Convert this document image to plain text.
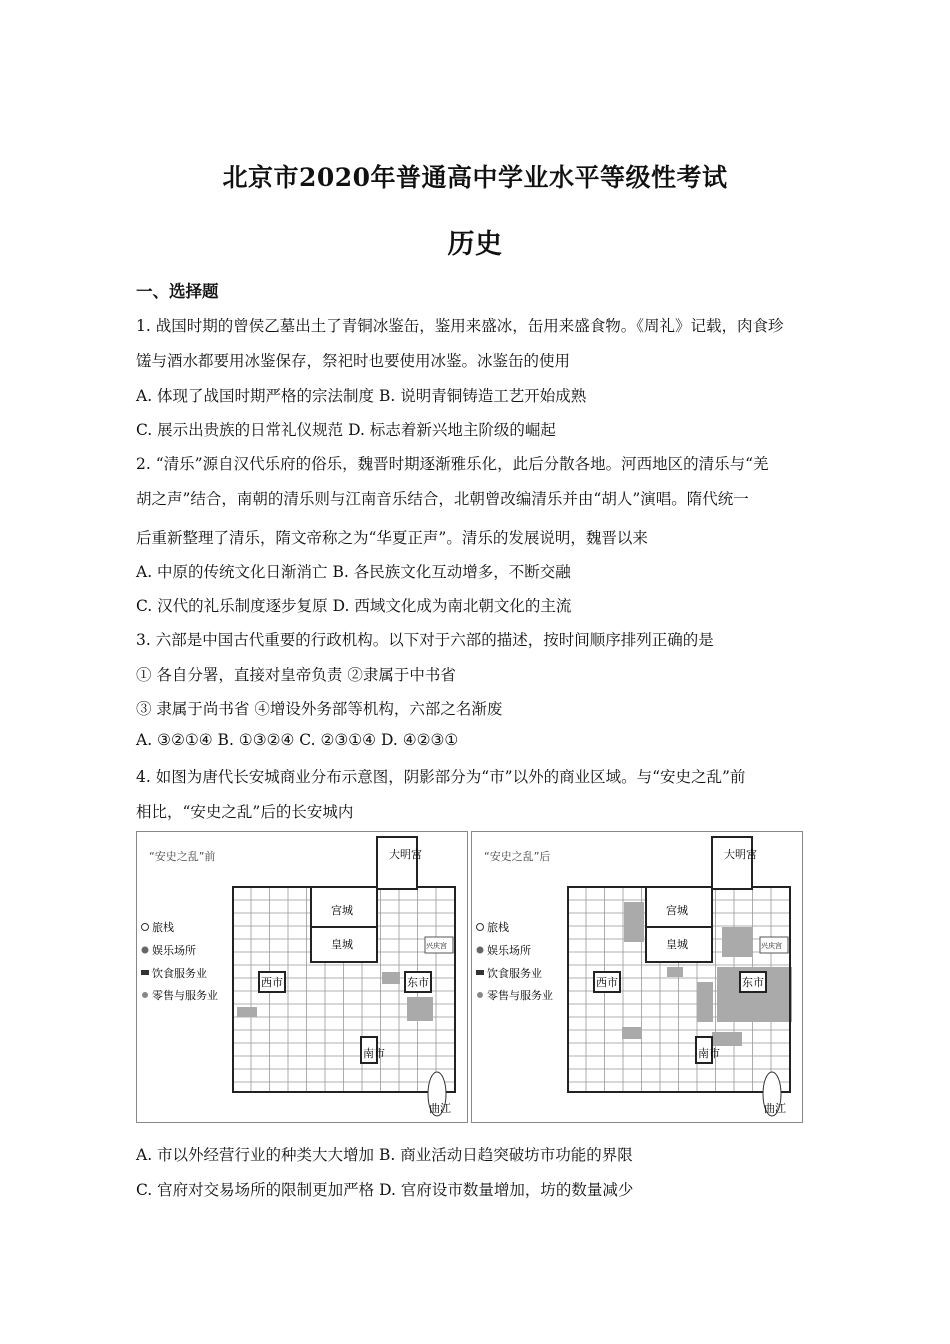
北京市2020年普通高中学业水平等级性考试
历史
一、选择题
1. 战国时期的曾侯乙墓出土了青铜冰鉴缶，鉴用来盛冰，缶用来盛食物。《周礼》记载，肉食珍
馐与酒水都要用冰鉴保存，祭祀时也要使用冰鉴。冰鉴缶的使用
A. 体现了战国时期严格的宗法制度 B. 说明青铜铸造工艺开始成熟
C. 展示出贵族的日常礼仪规范 D. 标志着新兴地主阶级的崛起
2. “清乐”源自汉代乐府的俗乐，魏晋时期逐渐雅乐化，此后分散各地。河西地区的清乐与“羌
胡之声”结合，南朝的清乐则与江南音乐结合，北朝曾改编清乐并由“胡人”演唱。隋代统一
后重新整理了清乐，隋文帝称之为“华夏正声”。清乐的发展说明，魏晋以来
A. 中原的传统文化日渐消亡 B. 各民族文化互动增多，不断交融
C. 汉代的礼乐制度逐步复原 D. 西域文化成为南北朝文化的主流
3. 六部是中国古代重要的行政机构。以下对于六部的描述，按时间顺序排列正确的是
① 各自分署，直接对皇帝负责 ②隶属于中书省
③ 隶属于尚书省 ④增设外务部等机构，六部之名渐废
A. ③②①④ B. ①③②④ C. ②③①④ D. ④②③①
4. 如图为唐代长安城商业分布示意图，阴影部分为“市”以外的商业区域。与“安史之乱”前
相比，“安史之乱”后的长安城内
“安史之乱”前
旅栈
娱乐场所
饮食服务业
零售与服务业
大明宫
宫城
皇城
西市	东市
南市
兴庆宫
曲江
“安史之乱”后
旅栈
娱乐场所
饮食服务业
零售与服务业
大明宫
宫城
皇城
西市	东市
南市
兴庆宫
曲江
A. 市以外经营行业的种类大大增加 B. 商业活动日趋突破坊市功能的界限
C. 官府对交易场所的限制更加严格 D. 官府设市数量增加，坊的数量减少
